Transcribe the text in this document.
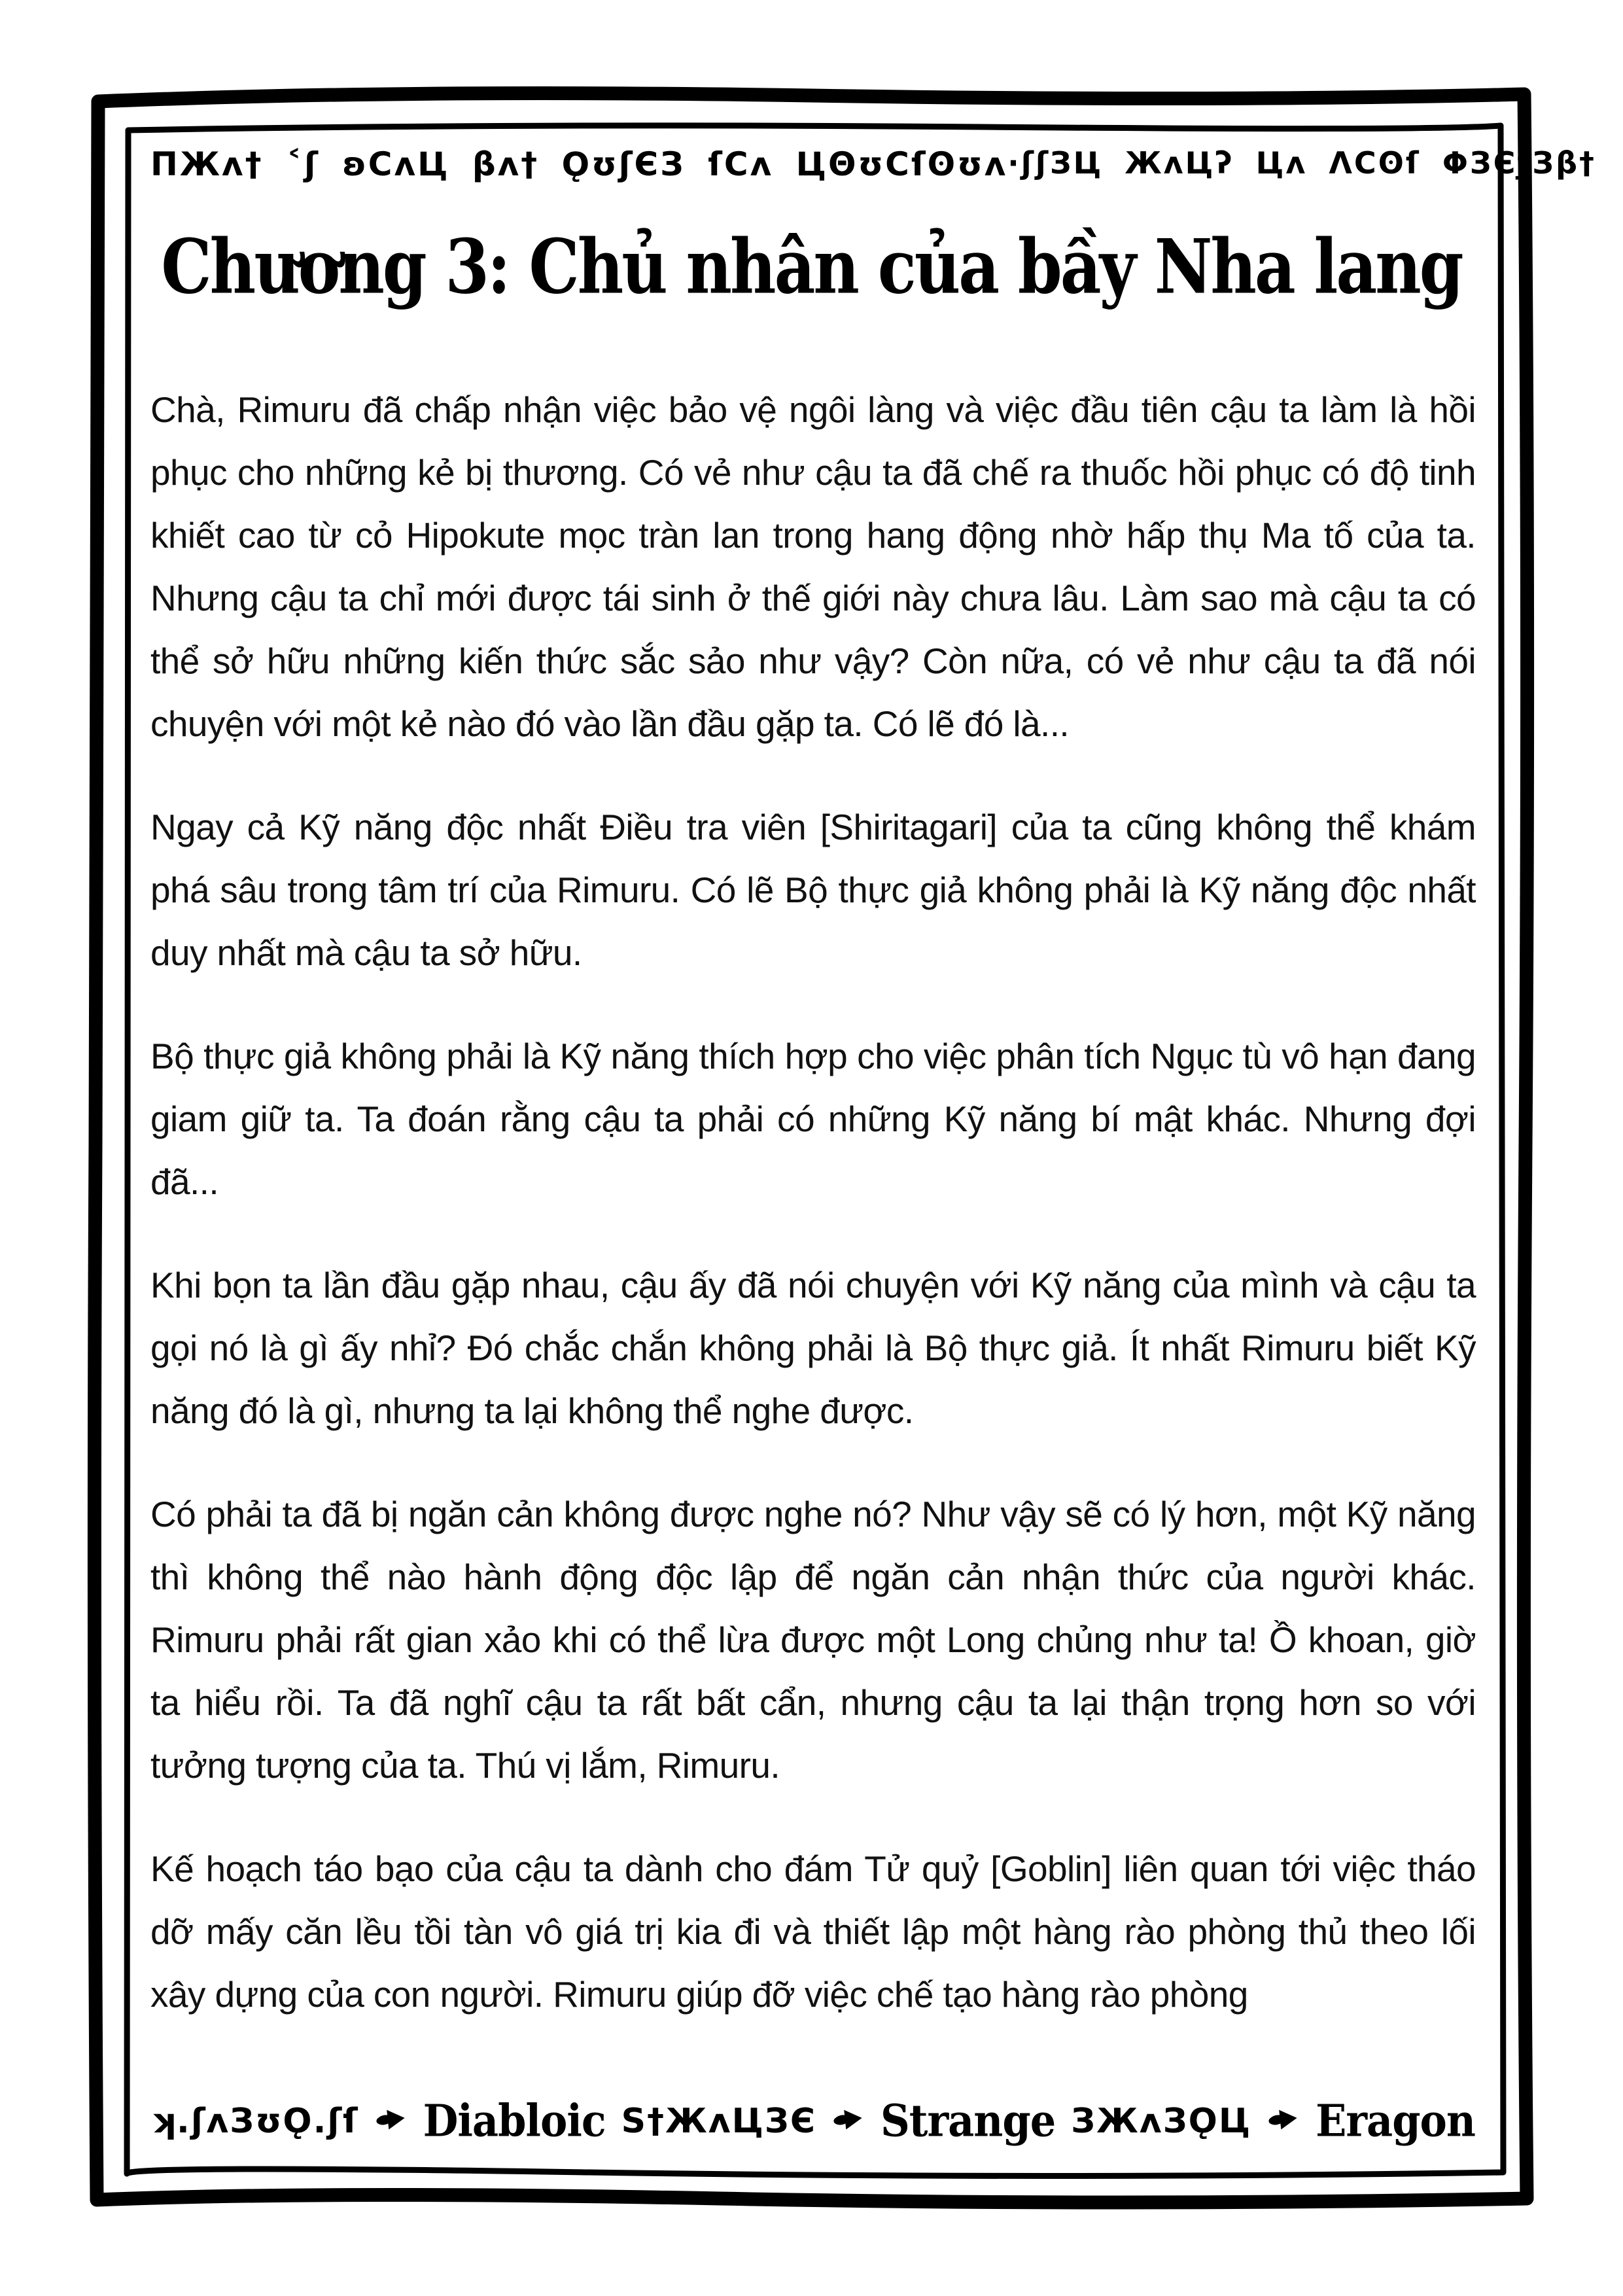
ΠЖʌ† ˂ʃ ʚCʌЦ βʌ† ǪʊʃЄЗ ſCʌ ЦΘʊCſʘʊʌ ·ʃʃЗЦ ЖʌЦʔ Цʌ ΛCʘſ ΦЗЄƒЗβ†
Chương 3: Chủ nhân của bầy Nha lang

Chà, Rimuru đã chấp nhận việc bảo vệ ngôi làng và việc đầu tiên cậu ta làm là hồi phục cho những kẻ bị thương. Có vẻ như cậu ta đã chế ra thuốc hồi phục có độ tinh khiết cao từ cỏ Hipokute mọc tràn lan trong hang động nhờ hấp thụ Ma tố của ta. Nhưng cậu ta chỉ mới được tái sinh ở thế giới này chưa lâu. Làm sao mà cậu ta có thể sở hữu những kiến thức sắc sảo như vậy? Còn nữa, có vẻ như cậu ta đã nói chuyện với một kẻ nào đó vào lần đầu gặp ta. Có lẽ đó là...

Ngay cả Kỹ năng độc nhất Điều tra viên [Shiritagari] của ta cũng không thể khám phá sâu trong tâm trí của Rimuru. Có lẽ Bộ thực giả không phải là Kỹ năng độc nhất duy nhất mà cậu ta sở hữu.

Bộ thực giả không phải là Kỹ năng thích hợp cho việc phân tích Ngục tù vô hạn đang giam giữ ta. Ta đoán rằng cậu ta phải có những Kỹ năng bí mật khác. Nhưng đợi đã...

Khi bọn ta lần đầu gặp nhau, cậu ấy đã nói chuyện với Kỹ năng của mình và cậu ta gọi nó là gì ấy nhỉ? Đó chắc chắn không phải là Bộ thực giả. Ít nhất Rimuru biết Kỹ năng đó là gì, nhưng ta lại không thể nghe được.

Có phải ta đã bị ngăn cản không được nghe nó? Như vậy sẽ có lý hơn, một Kỹ năng thì không thể nào hành động độc lập để ngăn cản nhận thức của người khác. Rimuru phải rất gian xảo khi có thể lừa được một Long chủng như ta! Ồ khoan, giờ ta hiểu rồi. Ta đã nghĩ cậu ta rất bất cẩn, nhưng cậu ta lại thận trọng hơn so với tưởng tượng của ta. Thú vị lắm, Rimuru.

Kế hoạch táo bạo của cậu ta dành cho đám Tử quỷ [Goblin] liên quan tới việc tháo dỡ mấy căn lều tồi tàn vô giá trị kia đi và thiết lập một hàng rào phòng thủ theo lối xây dựng của con người. Rimuru giúp đỡ việc chế tạo hàng rào phòng

ʞ.ʃʌЗʊǪ.ʃſ Diabloic Ѕ†ЖʌЦЗЄ Strange ЗЖʌЗǪЦ Eragon
